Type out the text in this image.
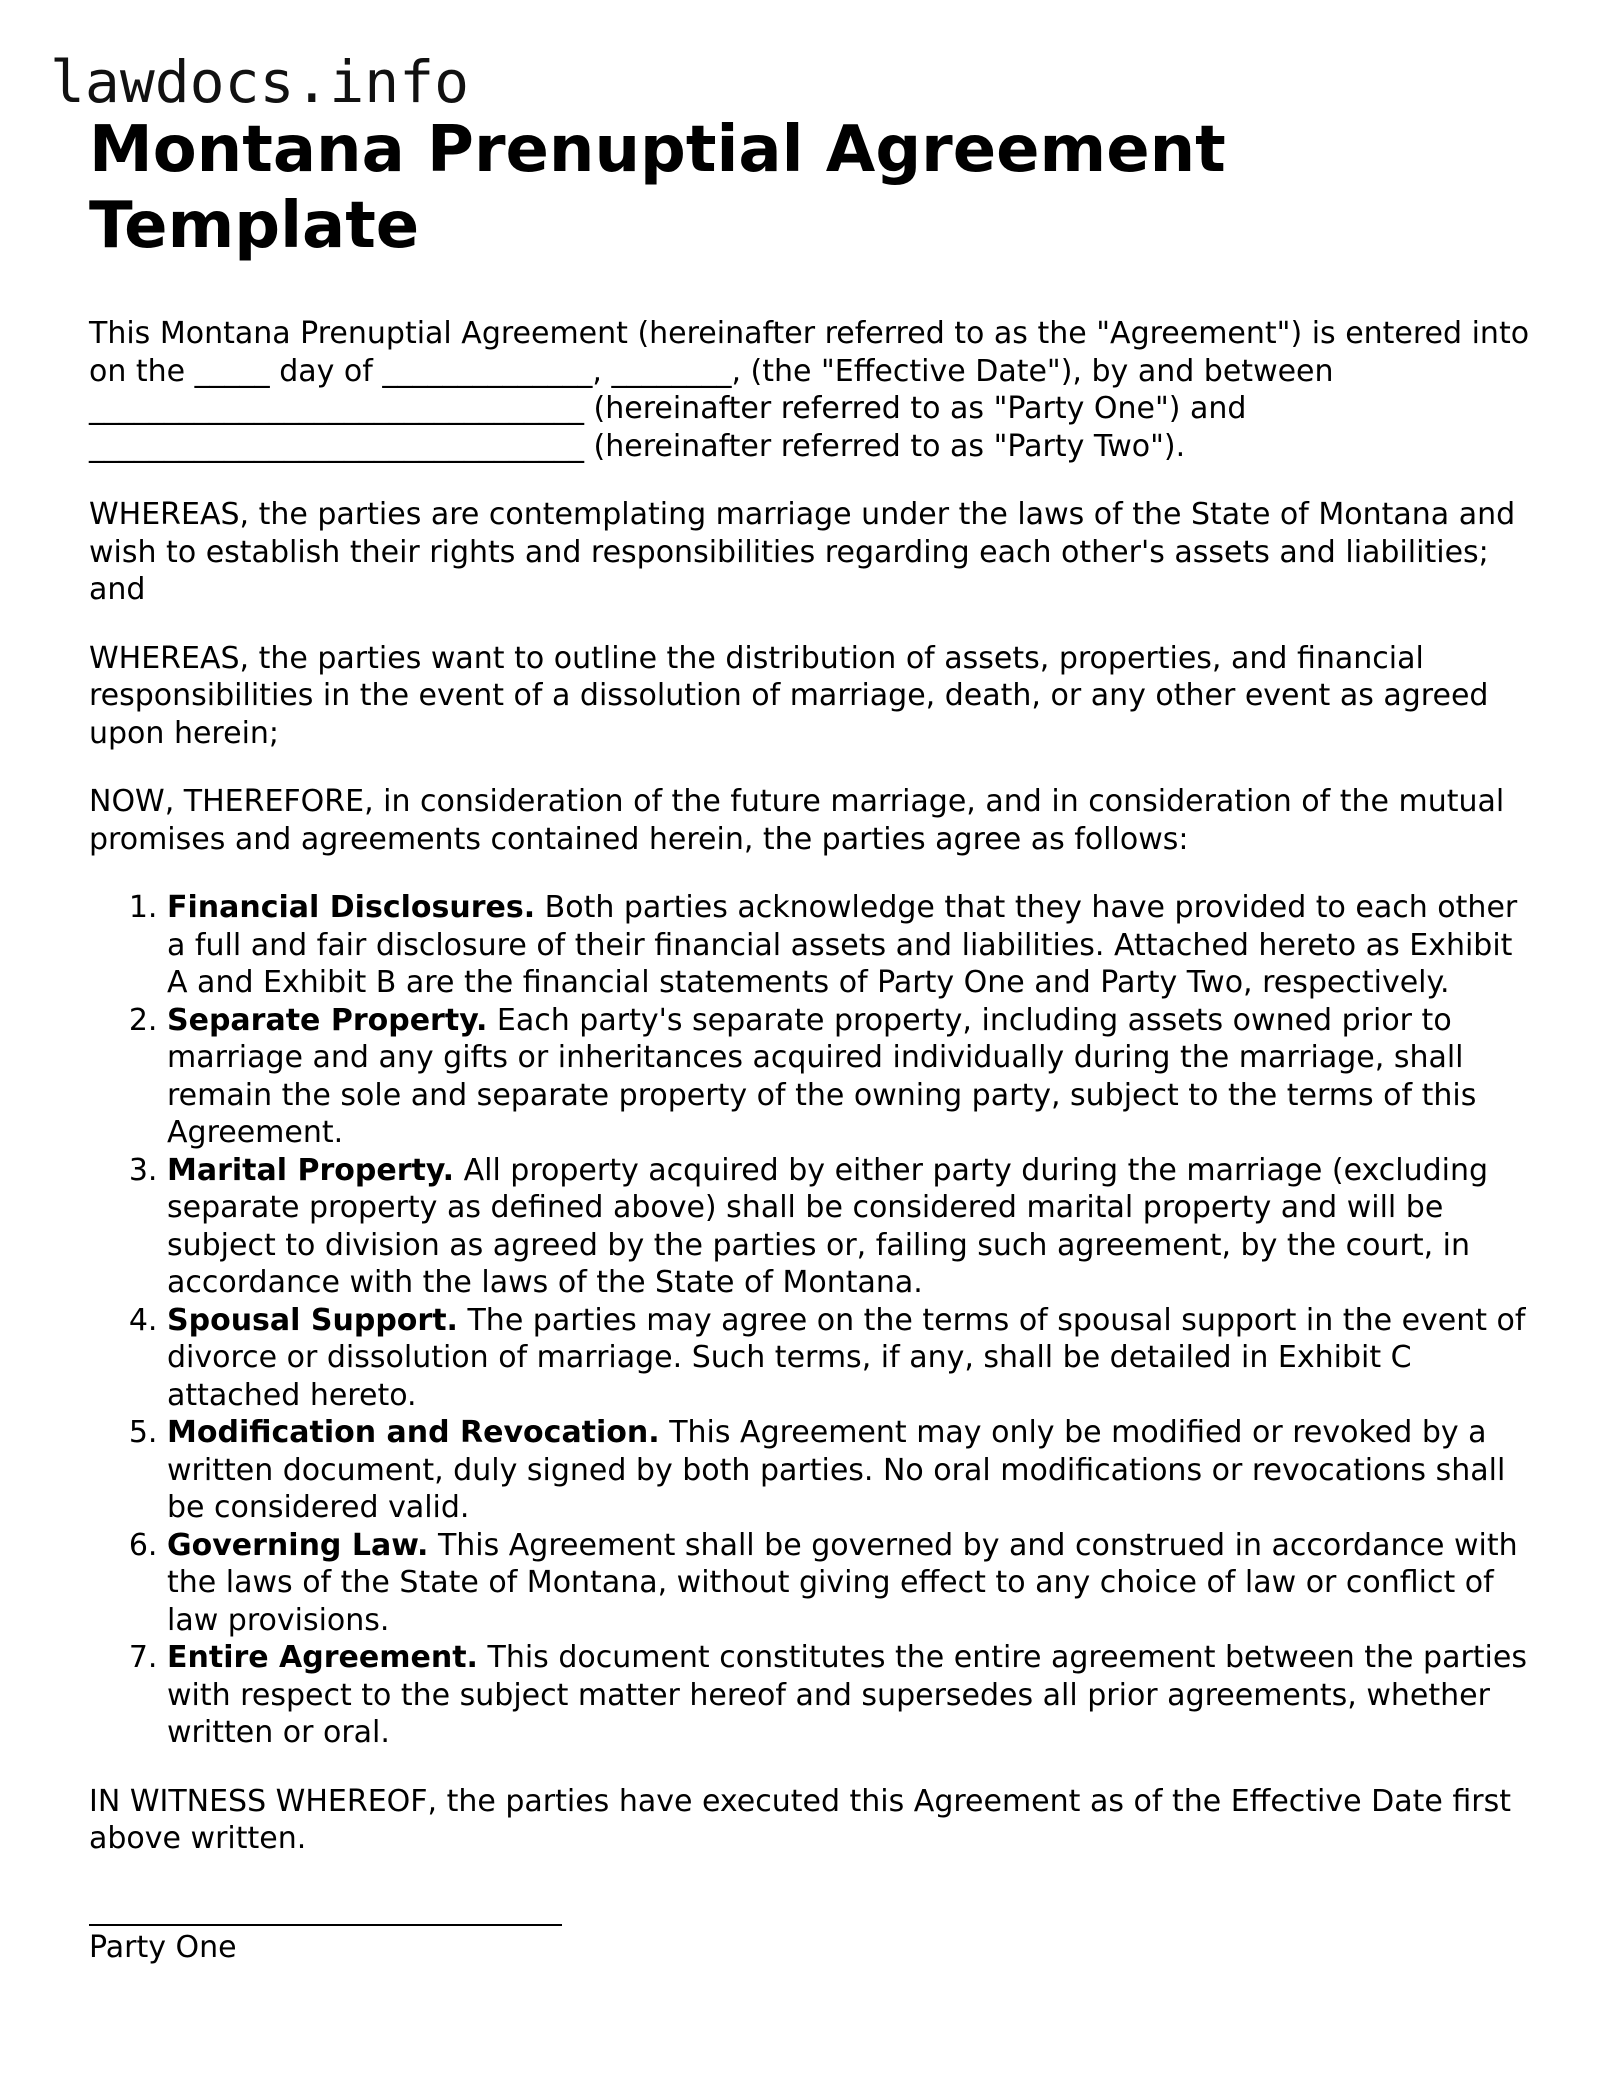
lawdocs.info
Montana Prenuptial Agreement Template

This Montana Prenuptial Agreement (hereinafter referred to as the "Agreement") is entered into on the _____ day of ______________, ________, (the "Effective Date"), by and between _________________________________ (hereinafter referred to as "Party One") and _________________________________ (hereinafter referred to as "Party Two").

WHEREAS, the parties are contemplating marriage under the laws of the State of Montana and wish to establish their rights and responsibilities regarding each other's assets and liabilities; and

WHEREAS, the parties want to outline the distribution of assets, properties, and financial responsibilities in the event of a dissolution of marriage, death, or any other event as agreed upon herein;

NOW, THEREFORE, in consideration of the future marriage, and in consideration of the mutual promises and agreements contained herein, the parties agree as follows:

1. Financial Disclosures. Both parties acknowledge that they have provided to each other a full and fair disclosure of their financial assets and liabilities. Attached hereto as Exhibit A and Exhibit B are the financial statements of Party One and Party Two, respectively.
2. Separate Property. Each party's separate property, including assets owned prior to marriage and any gifts or inheritances acquired individually during the marriage, shall remain the sole and separate property of the owning party, subject to the terms of this Agreement.
3. Marital Property. All property acquired by either party during the marriage (excluding separate property as defined above) shall be considered marital property and will be subject to division as agreed by the parties or, failing such agreement, by the court, in accordance with the laws of the State of Montana.
4. Spousal Support. The parties may agree on the terms of spousal support in the event of divorce or dissolution of marriage. Such terms, if any, shall be detailed in Exhibit C attached hereto.
5. Modification and Revocation. This Agreement may only be modified or revoked by a written document, duly signed by both parties. No oral modifications or revocations shall be considered valid.
6. Governing Law. This Agreement shall be governed by and construed in accordance with the laws of the State of Montana, without giving effect to any choice of law or conflict of law provisions.
7. Entire Agreement. This document constitutes the entire agreement between the parties with respect to the subject matter hereof and supersedes all prior agreements, whether written or oral.

IN WITNESS WHEREOF, the parties have executed this Agreement as of the Effective Date first above written.

Party One
